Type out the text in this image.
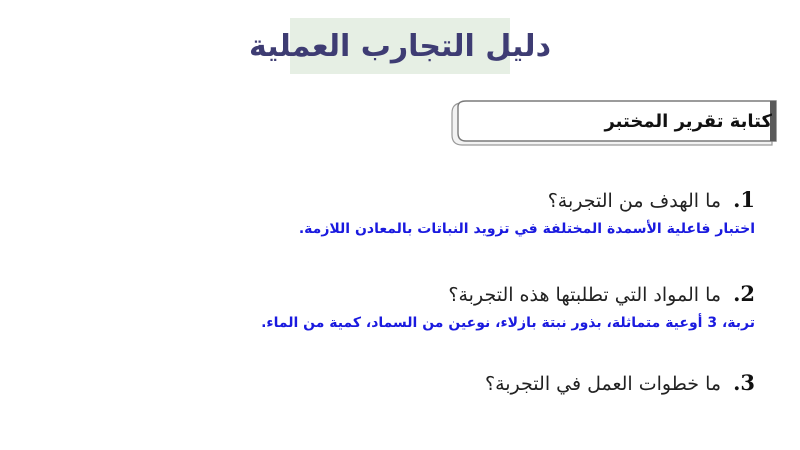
دليل التجارب العملية
كتابة تقرير المختبر
1.
ما الهدف من التجربة؟

اختبار فاعلية الأسمدة المختلفة في تزويد النباتات بالمعادن اللازمة.

2.
ما المواد التي تطلبتها هذه التجربة؟

تربة، 3 أوعية متماثلة، بذور نبتة بازلاء، نوعين من السماد، كمية من الماء.

3.
ما خطوات العمل في التجربة؟
